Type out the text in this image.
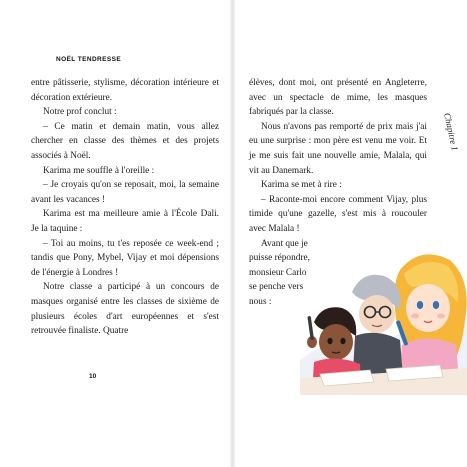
NOËL TENDRESSE

entre pâtisserie, stylisme, décoration intérieure et décoration extérieure.

Notre prof conclut :

– Ce matin et demain matin, vous allez chercher en classe des thèmes et des projets associés à Noël.

Karima me souffle à l'oreille :

– Je croyais qu'on se reposait, moi, la semaine avant les vacances !

Karima est ma meilleure amie à l'École Dali. Je la taquine :

– Toi au moins, tu t'es reposée ce week-end ; tandis que Pony, Mybel, Vijay et moi dépensions de l'énergie à Londres !

Notre classe a participé à un concours de masques organisé entre les classes de sixième de plusieurs écoles d'art européennes et s'est retrouvée finaliste. Quatre

10

élèves, dont moi, ont présenté en Angleterre, avec un spectacle de mime, les masques fabriqués par la classe.

Nous n'avons pas remporté de prix mais j'ai eu une surprise : mon père est venu me voir. Et je me suis fait une nouvelle amie, Malala, qui vit au Danemark.

Karima se met à rire :

– Raconte-moi encore comment Vijay, plus timide qu'une gazelle, s'est mis à roucouler avec Malala !

Avant que je puisse répondre,

monsieur Carlo

se penche vers

nous :

Chapitre 1
